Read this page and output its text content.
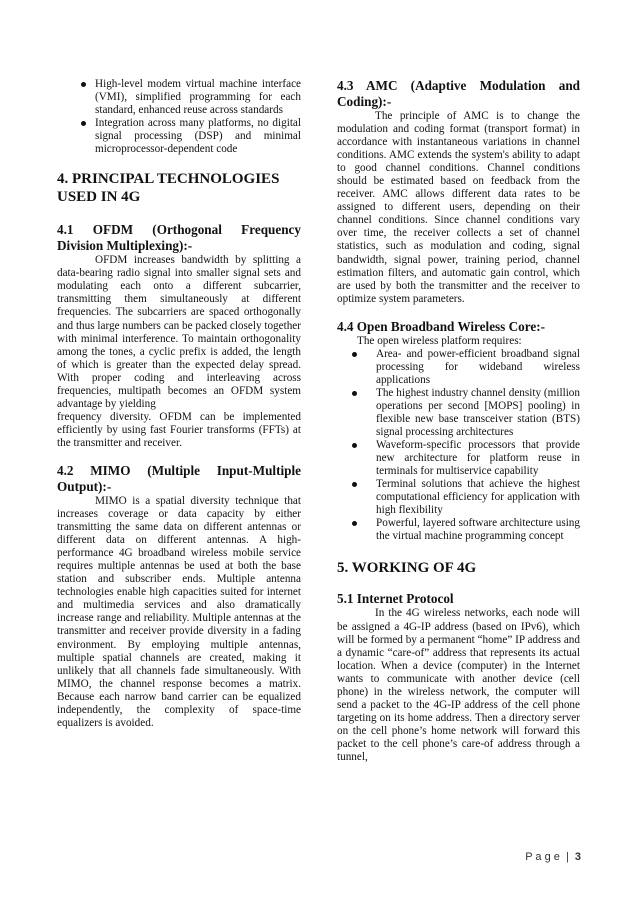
High-level modem virtual machine interface (VMI), simplified programming for each standard, enhanced reuse across standards
Integration across many platforms, no digital signal processing (DSP) and minimal microprocessor-dependent code
4. PRINCIPAL TECHNOLOGIES USED IN 4G
4.1 OFDM (Orthogonal Frequency Division Multiplexing):-

OFDM increases bandwidth by splitting a data-bearing radio signal into smaller signal sets and modulating each onto a different subcarrier, transmitting them simultaneously at different frequencies. The subcarriers are spaced orthogonally and thus large numbers can be packed closely together with minimal interference. To maintain orthogonality among the tones, a cyclic prefix is added, the length of which is greater than the expected delay spread. With proper coding and interleaving across frequencies, multipath becomes an OFDM system advantage by yielding

frequency diversity. OFDM can be implemented efficiently by using fast Fourier transforms (FFTs) at the transmitter and receiver.

4.2 MIMO (Multiple Input-Multiple Output):-

MIMO is a spatial diversity technique that increases coverage or data capacity by either transmitting the same data on different antennas or different data on different antennas. A high-performance 4G broadband wireless mobile service requires multiple antennas be used at both the base station and subscriber ends. Multiple antenna technologies enable high capacities suited for internet and multimedia services and also dramatically increase range and reliability. Multiple antennas at the transmitter and receiver provide diversity in a fading environment. By employing multiple antennas, multiple spatial channels are created, making it unlikely that all channels fade simultaneously. With MIMO, the channel response becomes a matrix. Because each narrow band carrier can be equalized independently, the complexity of space-time equalizers is avoided.

4.3 AMC (Adaptive Modulation and Coding):-

The principle of AMC is to change the modulation and coding format (transport format) in accordance with instantaneous variations in channel conditions. AMC extends the system's ability to adapt to good channel conditions. Channel conditions should be estimated based on feedback from the receiver. AMC allows different data rates to be assigned to different users, depending on their channel conditions. Since channel conditions vary over time, the receiver collects a set of channel statistics, such as modulation and coding, signal bandwidth, signal power, training period, channel estimation filters, and automatic gain control, which are used by both the transmitter and the receiver to optimize system parameters.

4.4 Open Broadband Wireless Core:-

The open wireless platform requires:

Area- and power-efficient broadband signal processing for wideband wireless applications
The highest industry channel density (million operations per second [MOPS] pooling) in flexible new base transceiver station (BTS) signal processing architectures
Waveform-specific processors that provide new architecture for platform reuse in terminals for multiservice capability
Terminal solutions that achieve the highest computational efficiency for application with high flexibility
Powerful, layered software architecture using the virtual machine programming concept
5. WORKING OF 4G
5.1 Internet Protocol

In the 4G wireless networks, each node will be assigned a 4G-IP address (based on IPv6), which will be formed by a permanent “home” IP address and a dynamic “care-of” address that represents its actual location. When a device (computer) in the Internet wants to communicate with another device (cell phone) in the wireless network, the computer will send a packet to the 4G-IP address of the cell phone targeting on its home address. Then a directory server on the cell phone’s home network will forward this packet to the cell phone’s care-of address through a tunnel,

P a g e | 3
